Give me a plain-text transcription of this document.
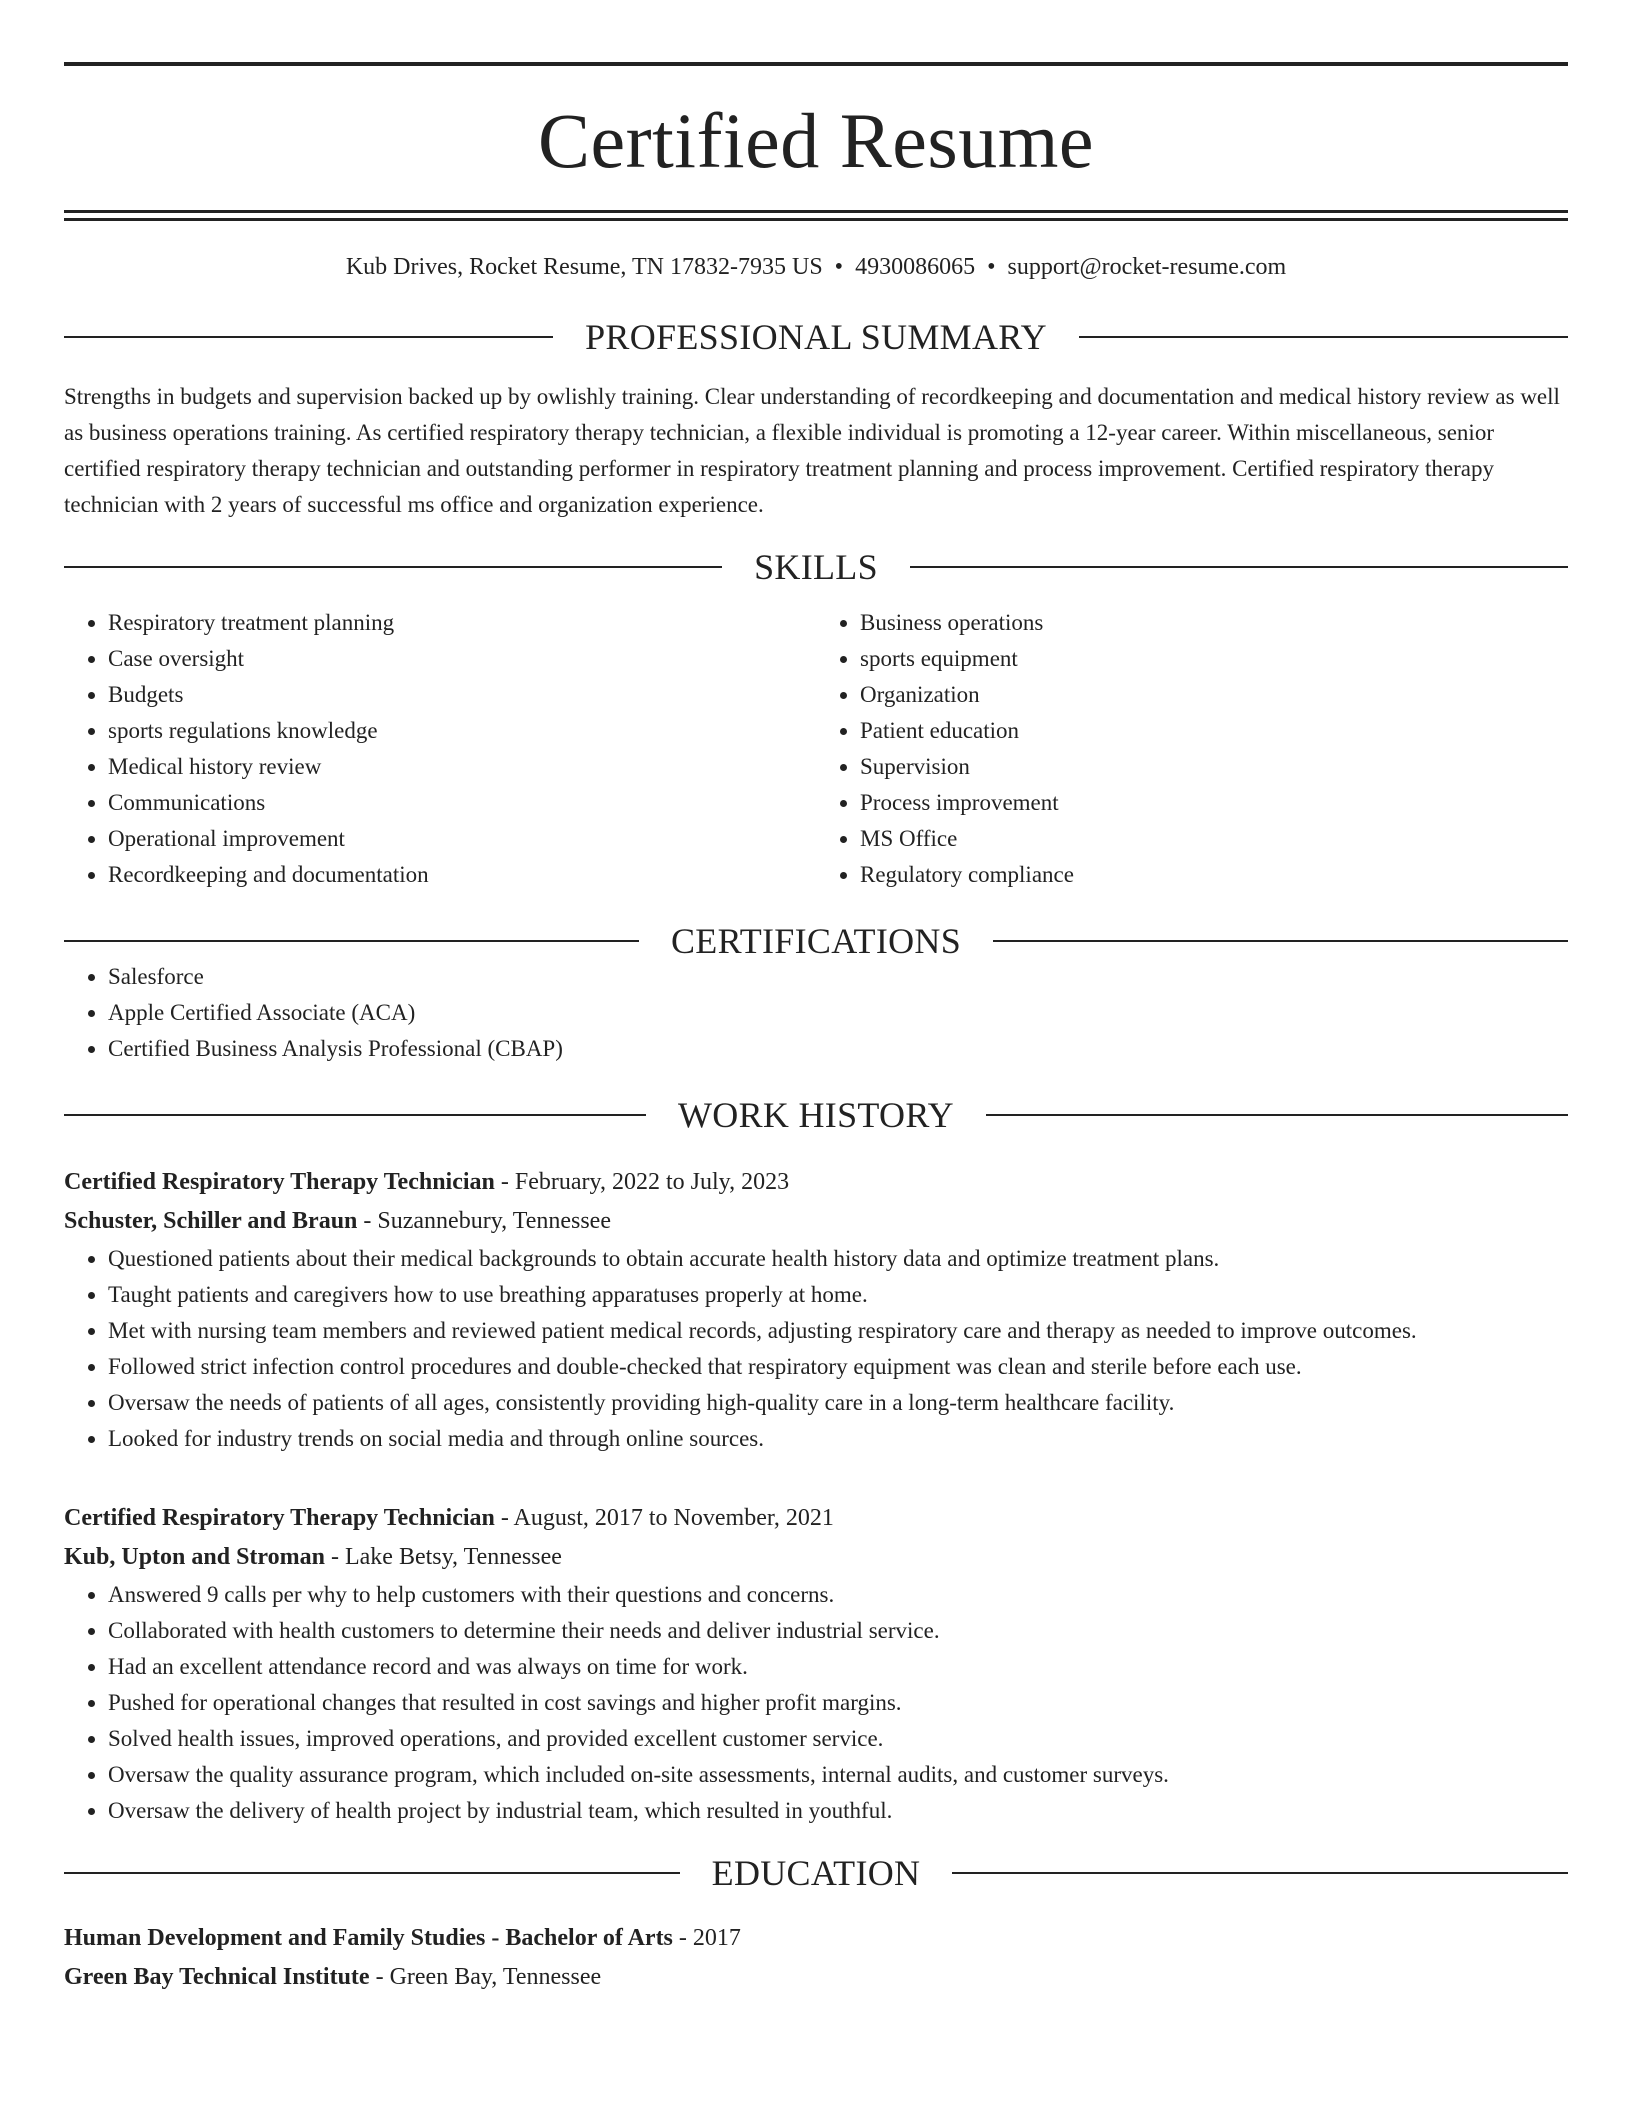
Certified Resume
Kub Drives, Rocket Resume, TN 17832-7935 US • 4930086065 • support@rocket-resume.com
PROFESSIONAL SUMMARY

Strengths in budgets and supervision backed up by owlishly training. Clear understanding of recordkeeping and documentation and medical history review as well as business operations training. As certified respiratory therapy technician, a flexible individual is promoting a 12-year career. Within miscellaneous, senior certified respiratory therapy technician and outstanding performer in respiratory treatment planning and process improvement. Certified respiratory therapy technician with 2 years of successful ms office and organization experience.

SKILLS
• Respiratory treatment planning
• Case oversight
• Budgets
• sports regulations knowledge
• Medical history review
• Communications
• Operational improvement
• Recordkeeping and documentation
• Business operations
• sports equipment
• Organization
• Patient education
• Supervision
• Process improvement
• MS Office
• Regulatory compliance
CERTIFICATIONS
• Salesforce
• Apple Certified Associate (ACA)
• Certified Business Analysis Professional (CBAP)
WORK HISTORY
Certified Respiratory Therapy Technician - February, 2022 to July, 2023
Schuster, Schiller and Braun - Suzannebury, Tennessee
• Questioned patients about their medical backgrounds to obtain accurate health history data and optimize treatment plans.
• Taught patients and caregivers how to use breathing apparatuses properly at home.
• Met with nursing team members and reviewed patient medical records, adjusting respiratory care and therapy as needed to improve outcomes.
• Followed strict infection control procedures and double-checked that respiratory equipment was clean and sterile before each use.
• Oversaw the needs of patients of all ages, consistently providing high-quality care in a long-term healthcare facility.
• Looked for industry trends on social media and through online sources.
Certified Respiratory Therapy Technician - August, 2017 to November, 2021
Kub, Upton and Stroman - Lake Betsy, Tennessee
• Answered 9 calls per why to help customers with their questions and concerns.
• Collaborated with health customers to determine their needs and deliver industrial service.
• Had an excellent attendance record and was always on time for work.
• Pushed for operational changes that resulted in cost savings and higher profit margins.
• Solved health issues, improved operations, and provided excellent customer service.
• Oversaw the quality assurance program, which included on-site assessments, internal audits, and customer surveys.
• Oversaw the delivery of health project by industrial team, which resulted in youthful.
EDUCATION
Human Development and Family Studies - Bachelor of Arts - 2017
Green Bay Technical Institute - Green Bay, Tennessee
